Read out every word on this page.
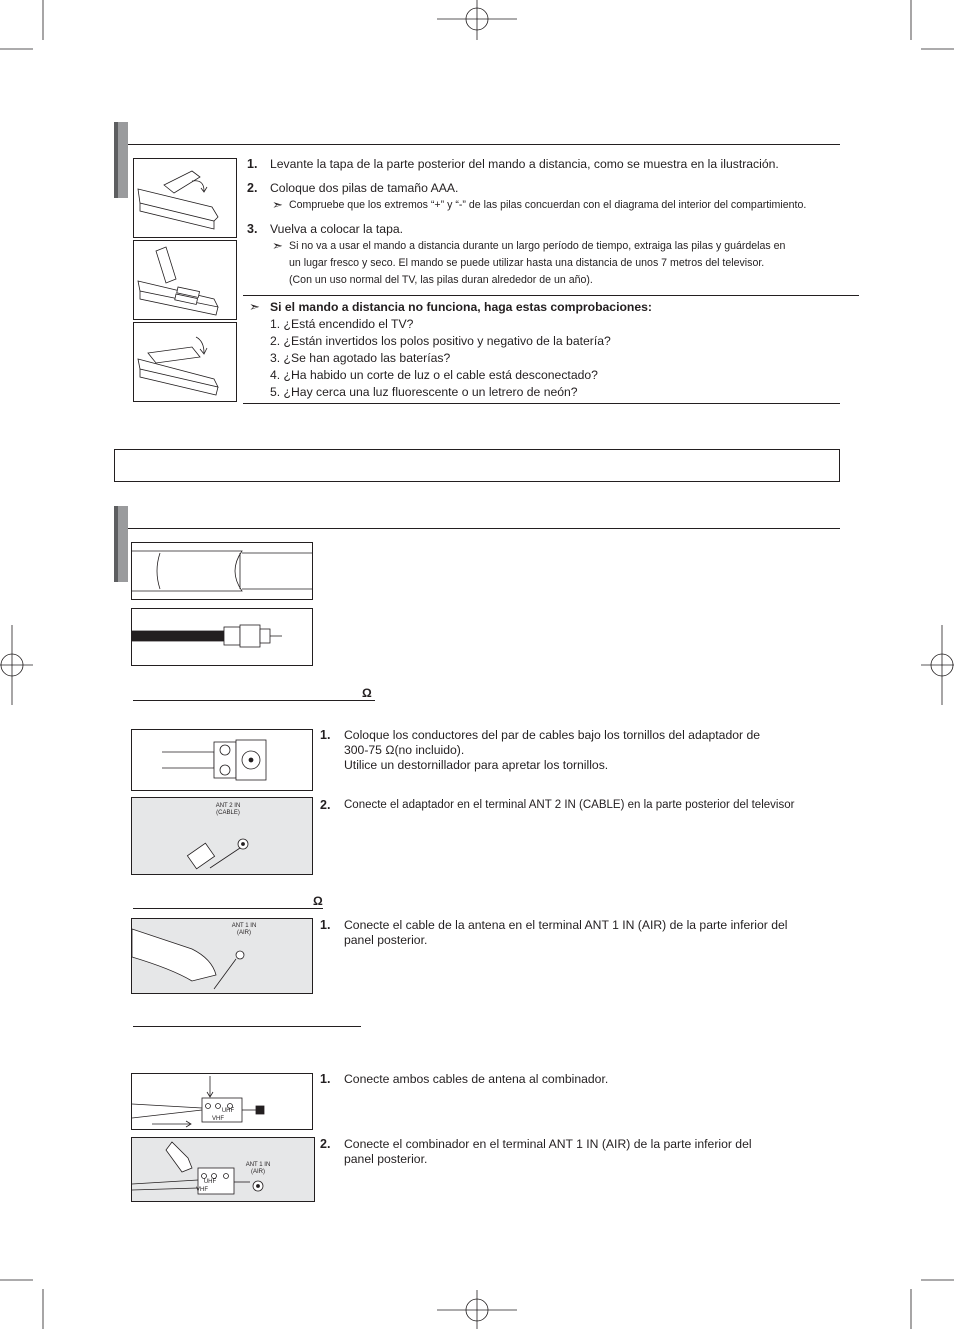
1. Levante la tapa de la parte posterior del mando a distancia, como se muestra en la ilustración.
2. Coloque dos pilas de tamaño AAA.
➣ Compruebe que los extremos “+” y “-” de las pilas concuerdan con el diagrama del interior del compartimiento.
3. Vuelva a colocar la tapa.
➣ Si no va a usar el mando a distancia durante un largo período de tiempo, extraiga las pilas y guárdelas en
un lugar fresco y seco. El mando se puede utilizar hasta una distancia de unos 7 metros del televisor.
(Con un uso normal del TV, las pilas duran alrededor de un año).
➣ Si el mando a distancia no funciona, haga estas comprobaciones:
1. ¿Está encendido el TV?
2. ¿Están invertidos los polos positivo y negativo de la batería?
3. ¿Se han agotado las baterías?
4. ¿Ha habido un corte de luz o el cable está desconectado?
5. ¿Hay cerca una luz fluorescente o un letrero de neón?
Ω
ANT 2 IN
(CABLE)
1. Coloque los conductores del par de cables bajo los tornillos del adaptador de
300-75 Ω(no incluido).
Utilice un destornillador para apretar los tornillos.
2. Conecte el adaptador en el terminal ANT 2 IN (CABLE) en la parte posterior del televisor
Ω
ANT 1 IN
(AIR)
1. Conecte el cable de la antena en el terminal ANT 1 IN (AIR) de la parte inferior del
panel posterior.
UHF
VHF
ANT 1 IN
(AIR)
UHF
VHF
1. Conecte ambos cables de antena al combinador.
2. Conecte el combinador en el terminal ANT 1 IN (AIR) de la parte inferior del
panel posterior.
